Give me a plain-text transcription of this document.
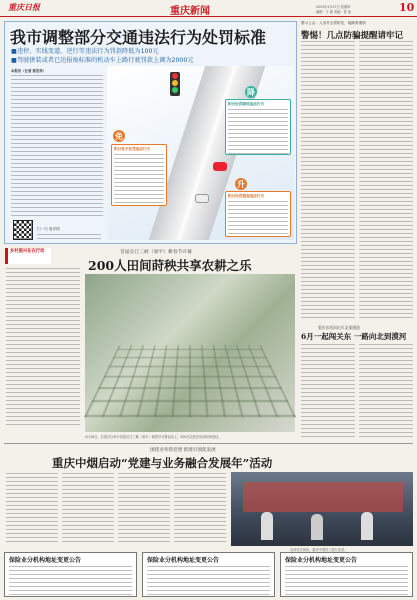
重庆日报	重庆新闻	2023年4月27日 星期四
编辑：王 薇 美编：曾 清	10
我市调整部分交通违法行为处罚标准
■违停、实线变道、逆行等违法行为罚款降低为100元
■驾驶拼装或者已达报废标准的机动车上路行驶罚款上调为2000元
本报讯（记者 郭发祥）
扫一扫 看详情
降
积分处罚降低违法行为
免
积分免予处罚违法行为
升
积分处罚提高违法行为
警示公众：人身安全需防范，地摊要谨慎
警惕！几点防骗提醒请牢记
乡村振兴在在行动	首届长江三峡（梁平）耕春节开幕
200人田间莳秧共享农耕之乐
4月26日，在梁平区举行首届长江三峡（梁平）耕春节开幕活动上，200名农民在田间同场竞技。
重庆东西向出川北部通道
6月一起闯关东 一路向北到漠河
围绕业务抓党建 抓建引领促发展
重庆中烟启动“党建与业务融合发展年”活动
启动仪式现场，重庆中烟员工进行宣讲。
保险业分机构地址变更公告	保险业分机构地址变更公告	保险业分机构地址变更公告
